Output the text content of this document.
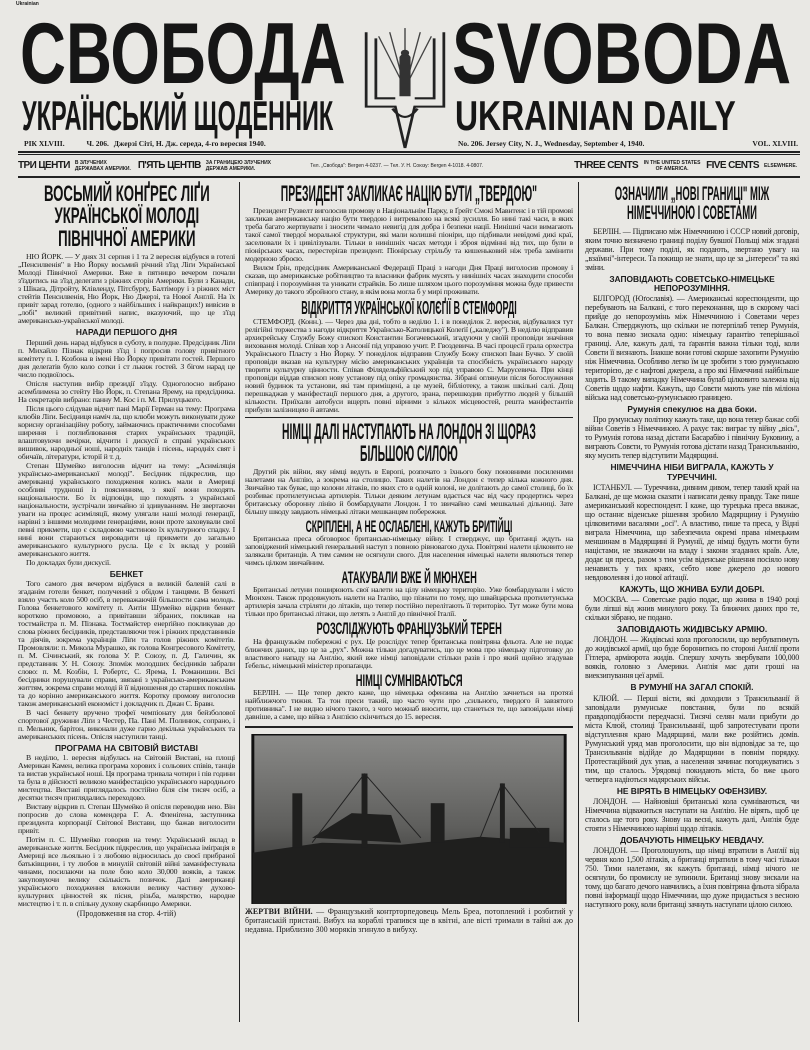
Ukrainian
СВОБОДА SVOBODA
УКРАЇНСЬКИЙ ЩОДЕННИК	UKRAINIAN DAILY
РІК XLVIII.	Ч. 206. Джерзі Сіті, Н. Дж. середа, 4-го вересня 1940.	No. 206. Jersey City, N. J., Wednesday, September 4, 1940.	VOL. XLVIII.
ТРИ ЦЕНТИ В ЗЛУЧЕНИХ ДЕРЖАВАХ АМЕРИКИ. П'ЯТЬ ЦЕНТІВ ЗА ГРАНИЦЕЮ ЗЛУЧЕНИХ ДЕРЖАВ АМЕРИКИ.	Тел. „Свобода": Bergen 4-0237. — Тел. У. Н. Союзу: Bergen 4-1018. 4-0807.	THREE CENTS IN THE UNITED STATES OF AMERICA.	FIVE CENTS ELSEWHERE.
ВОСЬМИЙ КОНҐРЕС ЛІҐИ
УКРАЇНСЬКОЇ МОЛОДІ
ПІВНІЧНОЇ АМЕРИКИ

НЮ ЙОРК. — У днях 31 серпня і 1 та 2 вересня відбувся в готелі „Пенсилвенія" в Ню Йорку восьмий річний з'їзд Ліґи Української Молоді Північної Америки. Вже в пятницю вечером почали з'їздитись на з'їзд делегати з ріжних сторін Америки. Були з Канади, з Шікаґа, Дітройту, Клівленду, Пітсбурґу, Балтімору і з ріжних міст стейтів Пенсилвенія, Ню Йорк, Ню Джерзі, та Нової Анґлії. На їх привіт зарад готелю, (одного з найбільших і найкращих!) вивісив в „лобі" великий привітний напис, вказуючий, що це з'їзд американсько-української молоді.

НАРАДИ ПЕРШОГО ДНЯ

Перший день нарад відбувся в суботу, в полудне. Предсідник Ліґи п. Михайло Пізнак відкрив з'їзд і попросив голову привітного комітету п. І. Козбона в імені Ню Йорку привітати гостей. Першого дня делеґатів було коло сотки і ст лькиж гостей. З бігом нарад це число подвоїлось.

Опісля наступив вибір президії з'їзду. Одноголосно вибрано асемблимена зо стейту Ню Йорк, п. Степана Ярему, на предсідника. На секретарів вибрано: панну М. Кос і п. М. Прилуцького.

Після цього слідував відчит пані Марії Герман на тему: Програма клюбів Ліґи. Бесідниця наміч ла, що клюби можуть виконувати дуже корисну організаційну роботу, займаючись практичними способами ширення і поглиблювання старих українських традицій, влаштовуючи вечірки, відчити і дискусії в справі українських вишивок, народньої ноші, народніх танців і пісень, народніх свят і обичаїв, літератури, історії й т. д.

Степан Шумейко виголосив відчит на тему: „Асиміляція українсько-американської молоді". Бесідник підкреслив, що американці українського походження колись мали в Америці особливі трудноші із поясненням, з якої вони походять національности. Бо їх відповіди, що походять з української національности, зустрічали звичайно зі здивуванням. Не звертаючи уваги на процес асиміляції, якому улягали наші молоді ґенерації, нарівні з іншими молодими ґенераціями, вони проте заховували свої певні прикмети, що є складовою частиною їх культурного спадку. І нині вони стараються вировадити ці прикмети до загально американського культурного русла. Це є їх вклад у розвій американського життя.

По докладах були дискусії.

БЕНКЕТ

Того самого дня вечером відбувся в великій балевій салі в згаданім готели бенкет, получений з обідом і танцями. В бенкеті взяло участь коло 500 осіб, в переважаючій більшости сама молодь. Голова бенкетового комітету п. Антін Шумейко відкрив бенкет короткою промовою, а привітавши зібраних, покликав на тостмайстра п. М. Пізнака. Тостмайстер енерґійно покликував до слова ріжних бесідників, представляючи теж і ріжних представників та діячів, зокрема українців Ліґи та голов ріжних комітетів. Промовляли: п. Микола Мурашко, як голова Конгресового Комітету, п. М. Січинський, як голова У. Р. Союзу, п. Д. Галичин, як представник У. Н. Союзу. Зпоміж молодших бесідників забрали слово: п. М. Козбін, І. Робертс, С. Ярема, І. Романишин. Всі бесідники порушували справи, звязані з українсько-американським життям, зокрема справи молоді й її відношення до старших поколінь та до корінно американського життя. Коротку промову виголосив також американський економіст і докладчик п. Джан С. Бравн.

В часі бенкету вручено трофеї чемпіонату для бейзболової спортової дружини Ліґи з Честер, Па. Пані М. Полинюк, сопрано, і п. Мельник, барітон, виконали дуже гарно декілька українських та американських пісень. Опісля наступили танці.

ПРОГРАМА НА СВІТОВІЙ ВИСТАВІ

В неділю, 1. вересня відбулась на Світовій Виставі, на площі Американ Камен, велика програма хорових і сольових співів, танців та вистав української ноші. Ця програма тривала чотири і пів години та була в дійсності великою маніфестацією українського народнього мистецтва. Виставі приглядалось постійно біля сім тисяч осіб, а десятки тисяч приглядались переходово.

Виставу відкрив п. Степан Шумейко й опісля переводив нею. Він попросив до слова комендера Г. А. Фленіґена, заступника президента корпорації Світової Вистави, що бажав виголосити привіт.

Потім п. С. Шумейко говорив на тему: Український вклад в американське життя. Бесідник підкреслив, що українська іміґрація в Америці все льояльно і з любовю відносилась до своєї прибраної батьківщини, і ту любов в минулій світовій війні заманіфестувала чинами, посилаючи на поле бою коло 30,000 вояків, а також закуповуючи велику скількість позичок. Далі американці українського походження вложили велику частину духово-культурних цінностей як пісня, різьба, малярство, народне мистецтво і т. п. в спільну духову скарбницю Америки.

(Продовження на стор. 4-тій)
ПРЕЗИДЕНТ ЗАКЛИКАЄ НАЦІЮ БУТИ „ТВЕРДОЮ"

Президент Рузвелт виголосив промову в Національнім Парку, в Ґрейт Смокі Мавнтенс і в тій промові закликав американську націю бути твердою і витревалою на всякі зусилля. Бо нині такі часи, в яких треба багато жертвувати і зносити чимало невигід для добра і безпеки нації. Нинішні часи вимагають такої самої твердої моральної структури, які мали колишні піоніри, що підбивали невідомі дикі краї, заселювали їх і цивілізували. Тільки в нинішніх часах методи і зброя відмінні від тих, що були в піонірських часах, перестеріґав президент. Піонірську стрільбу та кишеньковий ніж треба замінити модерною зброєю.

Вилєм Ґрін, предсідник Американської Федерації Праці з нагоди Дня Праці виголосив промову і сказав, що американське робітництво та власники фабрик мусять у нинішніх часах знаходити способи співпраці і порозуміння та уникати страйків. Бо лише шляхом цього порозуміння можна буде привести Америку до такого збройного стану, в якім вона могла б у мирі проживати.

ВІДКРИТТЯ УКРАЇНСЬКОЇ КОЛЄҐІЇ В СТЕМФОРДІ

СТЕМФОРД. (Конн.). — Через два дні, тобто в неділю 1. і в понеділок 2. вересня, відбувалися тут релігійні торжества з нагоди відкриття Українсько-Католицької Колеґії („каледжу"). В неділю відправив архиєрейську Службу Божу єпископ Константин Богачевський, згадуючи у своїй проповіди значіння виховання молоді. Співав хор з Ансонії під управою учит. Р. Гвоздевича. В часі процесії грала орхестра Українського Пласту з Ню Йорку. У понеділок відправив Службу Божу єпископ Іван Бучко. У своїй проповіди вказав на культурну місію американських українців та спосібність українського народу творити культурну цінности. Співав Філядельфійський хор під управою С. Марусевича. При кінці проповіди віддав єпископ нову установу під опіку громадянства. Зібрані оглянули після богослуження новий будинок та установи, які там приміщені, а це музей, бібліотеку, а також шкільні салі. Дощ перешкаджав у маніфестації першого дня, а другого, зрана, перешкодив прибуттю людей у більшій кількости. Приїхали автобуси вщерть повні вірними з кількох місцевостей, решта маніфестантів прибули залізницею й автами.

НІМЦІ ДАЛІ НАСТУПАЮТЬ НА ЛОНДОН ЗІ ЩОРАЗ
БІЛЬШОЮ СИЛОЮ

Другий рік війни, яку німці ведуть в Европі, розпочато з їхнього боку поновними посиленими налетами на Анґлію, а зокрема на столицю. Таких налетів на Лондон є тепер кілька кожного дня. Звичайно так буває, що колони літаків, по яких сто в одній колоні, не долітають до самої столиці, бо їх розбиває протилетунська артилерія. Тільки деяким летунам вдається час від часу продертись через британську оборонну лінію й бомбардувати Лондон. І то звичайно самі мешкальні дільниці. Зате більшу шкоду завдають німецькі літаки мешканцям побережжя.

СКРІПЛЕНІ, А НЕ ОСЛАБЛЕНІ, КАЖУТЬ БРИТІЙЦІ

Британська преса обговорює британсько-німецьку війну. І стверджує, що британці ждуть на заповіджений німецький ґенеральний наступ з повною рівновагою духа. Повітряні налети цілковито не залякали британців. А тим самим не осягнули свого. Для населення німецькі налети являються тепер чимсь цілком звичайним.

АТАКУВАЛИ ВЖЕ Й МЮНХЕН

Британські летуни поширюють свої налети на цілу німецьку територію. Уже бомбардували і місто Мюнхен. Також продовжують налети на Італію, що пізнати по тому, що швайцарська протилетунська артилерія зачала стріляти до літаків, що тепер постійно перелітають її територію. Тут може бути мова тільки про британські літаки, що летять з Анґлії до північної Італії.

РОЗСЛІДЖУЮТЬ ФРАНЦУЗЬКИЙ ТЕРЕН

На французькім побережжі є рух. Це розслідує тепер британська повітряна фльота. Але не подає ближчих даних, що це за „рух". Можна тільки догадуватись, що це мова про німецьку підготовку до властивого нападу на Анґлію, який вже німці заповідали стільки разів і про який щойно згадував Ґебельс, німецький міністер пропаґанди.

НІМЦІ СУМНІВАЮТЬСЯ

БЕРЛІН. — Ще тепер декто каже, що німецька офензива на Анґлію зачнеться на протязі найближчого тижня. Та тон преси такий, що часто чути про „сильного, твердого й завзятого противника". І не видно нічого такого, з чого можнаб вносити, що станеться те, що заповідали німці давніше, а саме, що війна з Анґлією скінчиться до 15. вересня.

ЖЕРТВИ ВІЙНИ. — Французький контрторпедовець Мель Бреа, потоплений і розбитий у британській пристані. Вибух на кораблі трапився ще в квітні, але вісті тримали в тайні аж до недавна. Приблизно 300 моряків згинуло в вибуху.
ОЗНАЧИЛИ „НОВІ ГРАНИЦІ" МІЖ
НІМЕЧЧИНОЮ І СОВЕТАМИ

БЕРЛІН. — Підписано між Німеччиною і СССР новий договір, яким точно визначено границі поділу бувшої Польщі між згадані держави. При тому поділі, як подають, звертано увагу на „взаїмні"-інтереси. Та покищо не знати, що це за „інтереси" та які зміни.

ЗАПОВІДАЮТЬ СОВЕТСЬКО-НІМЕЦЬКЕ НЕПОРОЗУМІННЯ.

БІЛГОРОД (Юґославія). — Американські кореспонденти, що перебувають на Балкані, є того переконання, що в скорому часі прийде до непорозумінь між Німеччиною і Советами через Балкан. Стверджують, що скільки не потерпілаб тепер Румунія, то вона певно зискала одно: німецьку ґарантію теперішньої границі. Але, кажуть далі, та ґарантія важна тільки тоді, коли Совєти її визнають. Інакше вони готові скорше захопити Румунію ніж Німеччина. Особливо легко їм це зробити з тою румунською територією, де є нафтові джерела, а про які Німеччині найбільше ходить. В такому випадку Німеччина булаб цілковито залежна від Советів щодо нафти. Кажуть, що Совєти мають уже пів міліона війська над советсько-румунською границею.

Румунія спекулює на два боки.

Про румунську політику кажуть таке, що вона тепер бажає собі війни Советів з Німеччиною. А рахує так: виграє ту війну „вісь", то Румунія готова назад дістати Басарабію і північну Буковину, а виграють Совєти, то Румунія готова дістати назад Трансильванію, яку мусить тепер відступити Мадярщині.

НІМЕЧЧИНА НІБИ ВИГРАЛА, КАЖУТЬ У ТУРЕЧЧИНІ.

ІСТАНБУЛ. — Туреччина, дивним дивом, тепер такий край на Балкані, де ще можна сказати і написати деяку правду. Таке пише американський кореспондент. І каже, що турецька преса вважає, що останнє віденське рішення зробило Мадярщину і Румунію цілковитими васалями „осі". А властиво, пише та преса, у Відні виграла Німеччина, що забезпечила окремі права німецьким меншинам в Мадярщині й Румунії, де німці будуть могти бути націстами, не зважаючи на владу і закони згаданих країв. Але, додає ця преса, разом з тим усім віденське рішення посіяло нову ненависть у тих краях, себто нове джерело до нового невдоволення і до нової аґітації.

КАЖУТЬ, ЩО ЖНИВА БУЛИ ДОБРІ.

МОСКВА. — Советське радіо подає, що жнива в 1940 році були ліпші від жнив минулого року. Та ближчих даних про те, скільки зібрано, не подано.

ЗАПОВІДАЮТЬ ЖИДІВСЬКУ АРМІЮ.

ЛОНДОН. — Жидівські кола проголосили, що вербуватимуть до жидівської армії, що буде боронитись по стороні Анґлії проти Гітлера, арміюрота жидів. Спершу хочуть звербувати 100,000 вояків, головно з Америки. Анґлія має дати гроші на виекзипування цеї армії.

В РУМУНІЇ НА ЗАГАЛ СПОКІЙ.

КЛЮЙ. — Перші вісти, які доходили з Трансильванії й заповідали румунське повстання, були по всякій правдоподібности передчасні. Тисячі селян мали прибути до міста Клюй, столиці Трансильванії, щоб запротестувати проти відступлення краю Мадярщині, мали вже розійтись домів. Румунський уряд мав проголосити, що він відповідає за те, що Трансильванія відійде до Мадярщини в повнім порядку. Протестаційний дух упав, а населення зачинає погоджуватись з тим, що сталось. Урядовці покидають міста, бо вже цього четверга надіються мадярських військ.

НЕ ВІРЯТЬ В НІМЕЦЬКУ ОФЕНЗИВУ.

ЛОНДОН. — Найновіші британські кола сумніваються, чи Німеччина відважиться наступати на Анґлію. Не вірять, щоб це сталось ще того року. Знову на весні, кажуть далі, Анґлія буде стояти з Німеччиною нарівні щодо літаків.

ДОБАЧУЮТЬ НІМЕЦЬКУ НЕВДАЧУ.

ЛОНДОН. — Проголошують, що німці втратили в Анґлії від червня коло 1,500 літаків, а британці втратили в тому часі тільки 750. Тими налетами, як кажуть британці, німці нічого не осягнули, бо промислу не зупинили. Британці знову зискали на тому, що багато дечого навчились, а їхня повітряна фльота зібрала повні інформації щодо Німеччини, що дуже придасться з весною наступного року, коли британці зачнуть наступати цілою силою.
